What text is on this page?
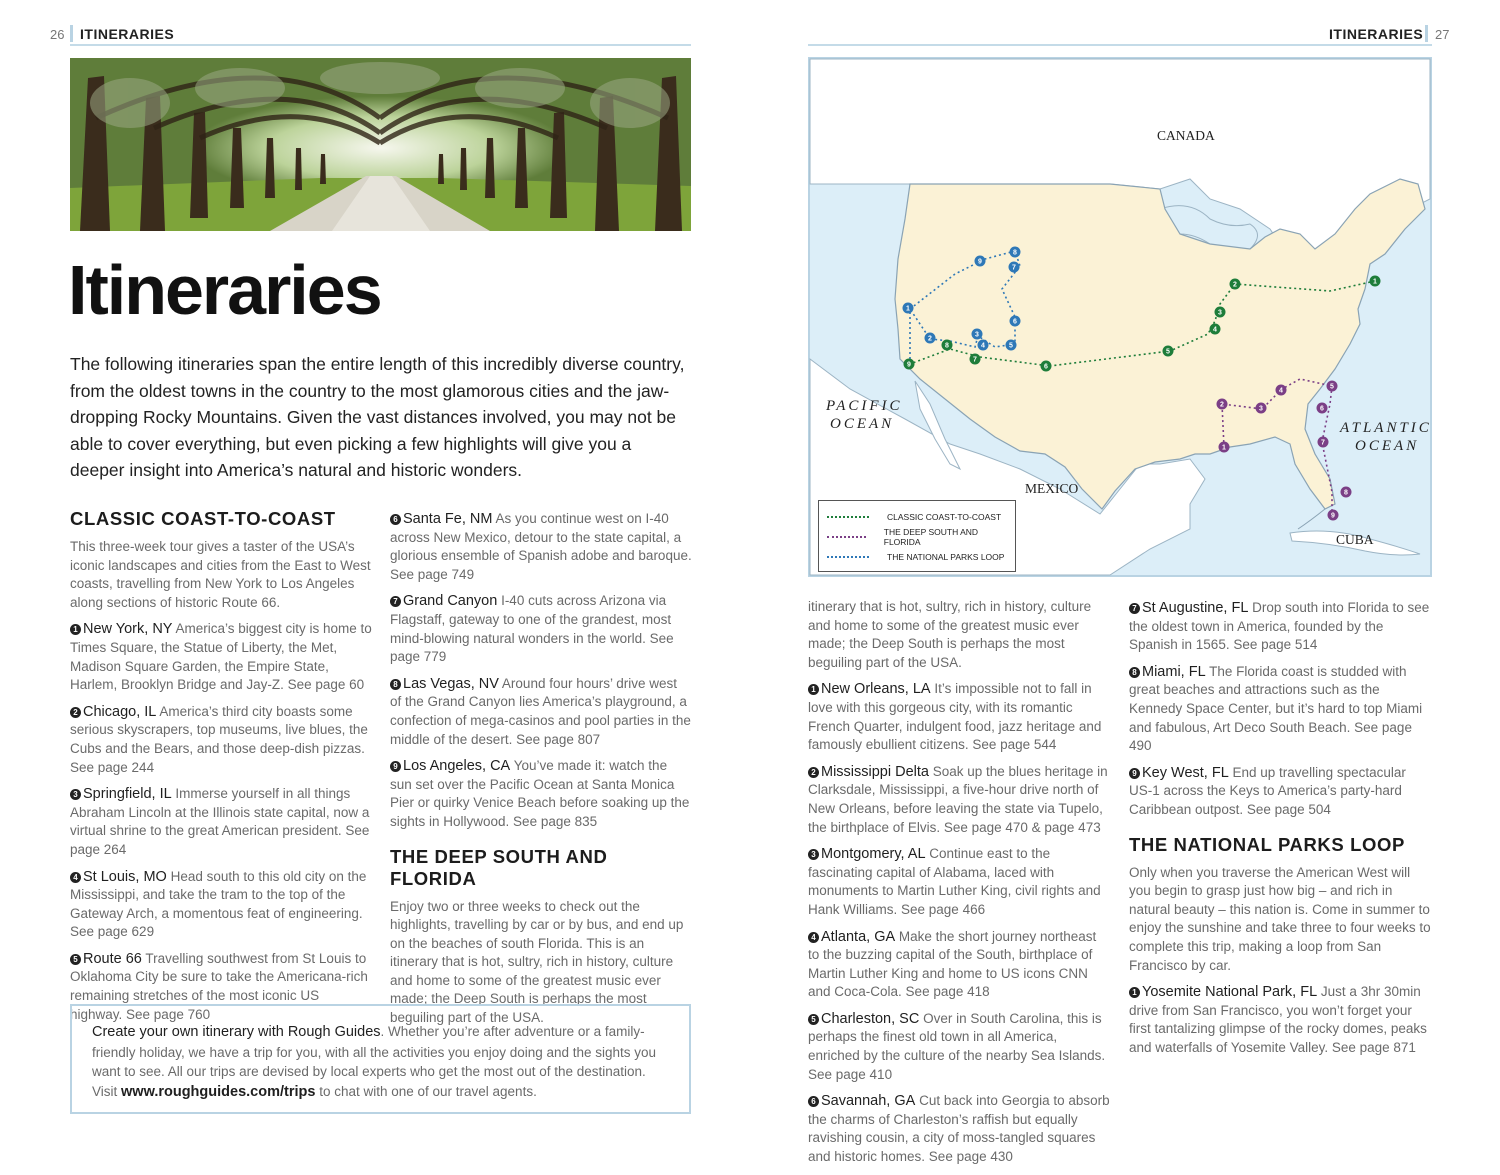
26 ITINERARIES	ITINERARIES 27
Itineraries

The following itineraries span the entire length of this incredibly diverse country, from the oldest towns in the country to the most glamorous cities and the jaw-dropping Rocky Mountains. Given the vast distances involved, you may not be able to cover everything, but even picking a few highlights will give you a deeper insight into America’s natural and historic wonders.

CLASSIC COAST-TO-COAST

This three-week tour gives a taster of the USA’s iconic landscapes and cities from the East to West coasts, travelling from New York to Los Angeles along sections of historic Route 66.

1 New York, NY America’s biggest city is home to Times Square, the Statue of Liberty, the Met, Madison Square Garden, the Empire State, Harlem, Brooklyn Bridge and Jay-Z. See page 60

2 Chicago, IL America’s third city boasts some serious skyscrapers, top museums, live blues, the Cubs and the Bears, and those deep-dish pizzas. See page 244

3 Springfield, IL Immerse yourself in all things Abraham Lincoln at the Illinois state capital, now a virtual shrine to the great American president. See page 264

4 St Louis, MO Head south to this old city on the Mississippi, and take the tram to the top of the Gateway Arch, a momentous feat of engineering. See page 629

5 Route 66 Travelling southwest from St Louis to Oklahoma City be sure to take the Americana-rich remaining stretches of the most iconic US highway. See page 760

6 Santa Fe, NM As you continue west on I-40 across New Mexico, detour to the state capital, a glorious ensemble of Spanish adobe and baroque. See page 749

7 Grand Canyon I-40 cuts across Arizona via Flagstaff, gateway to one of the grandest, most mind-blowing natural wonders in the world. See page 779

8 Las Vegas, NV Around four hours’ drive west of the Grand Canyon lies America’s playground, a confection of mega-casinos and pool parties in the middle of the desert. See page 807

9 Los Angeles, CA You’ve made it: watch the sun set over the Pacific Ocean at Santa Monica Pier or quirky Venice Beach before soaking up the sights in Hollywood. See page 835

THE DEEP SOUTH AND FLORIDA

Enjoy two or three weeks to check out the highlights, travelling by car or by bus, and end up on the beaches of south Florida. This is an itinerary that is hot, sultry, rich in history, culture and home to some of the greatest music ever made; the Deep South is perhaps the most beguiling part of the USA.

Create your own itinerary with Rough Guides. Whether you’re after adventure or a family-friendly holiday, we have a trip for you, with all the activities you enjoy doing and the sights you want to see. All our trips are devised by local experts who get the most out of the destination. Visit www.roughguides.com/trips to chat with one of our travel agents.
1
2
3
4
5
6
7
8
9
1
2
3
4
5
6
7
8
9
1
2
3
4	5
6
7
8
9
CANADA
PACIFIC
OCEAN	ATLANTIC
OCEAN
MEXICO
CUBA
CLASSIC COAST-TO-COAST
THE DEEP SOUTH AND FLORIDA
THE NATIONAL PARKS LOOP

itinerary that is hot, sultry, rich in history, culture and home to some of the greatest music ever made; the Deep South is perhaps the most beguiling part of the USA.

1 New Orleans, LA It’s impossible not to fall in love with this gorgeous city, with its romantic French Quarter, indulgent food, jazz heritage and famously ebullient citizens. See page 544

2 Mississippi Delta Soak up the blues heritage in Clarksdale, Mississippi, a five-hour drive north of New Orleans, before leaving the state via Tupelo, the birthplace of Elvis. See page 470 & page 473

3 Montgomery, AL Continue east to the fascinating capital of Alabama, laced with monuments to Martin Luther King, civil rights and Hank Williams. See page 466

4 Atlanta, GA Make the short journey northeast to the buzzing capital of the South, birthplace of Martin Luther King and home to US icons CNN and Coca-Cola. See page 418

5 Charleston, SC Over in South Carolina, this is perhaps the finest old town in all America, enriched by the culture of the nearby Sea Islands. See page 410

6 Savannah, GA Cut back into Georgia to absorb the charms of Charleston’s raffish but equally ravishing cousin, a city of moss-tangled squares and historic homes. See page 430

7 St Augustine, FL Drop south into Florida to see the oldest town in America, founded by the Spanish in 1565. See page 514

8 Miami, FL The Florida coast is studded with great beaches and attractions such as the Kennedy Space Center, but it’s hard to top Miami and fabulous, Art Deco South Beach. See page 490

9 Key West, FL End up travelling spectacular US-1 across the Keys to America’s party-hard Caribbean outpost. See page 504

THE NATIONAL PARKS LOOP

Only when you traverse the American West will you begin to grasp just how big – and rich in natural beauty – this nation is. Come in summer to enjoy the sunshine and take three to four weeks to complete this trip, making a loop from San Francisco by car.

1 Yosemite National Park, FL Just a 3hr 30min drive from San Francisco, you won’t forget your first tantalizing glimpse of the rocky domes, peaks and waterfalls of Yosemite Valley. See page 871
